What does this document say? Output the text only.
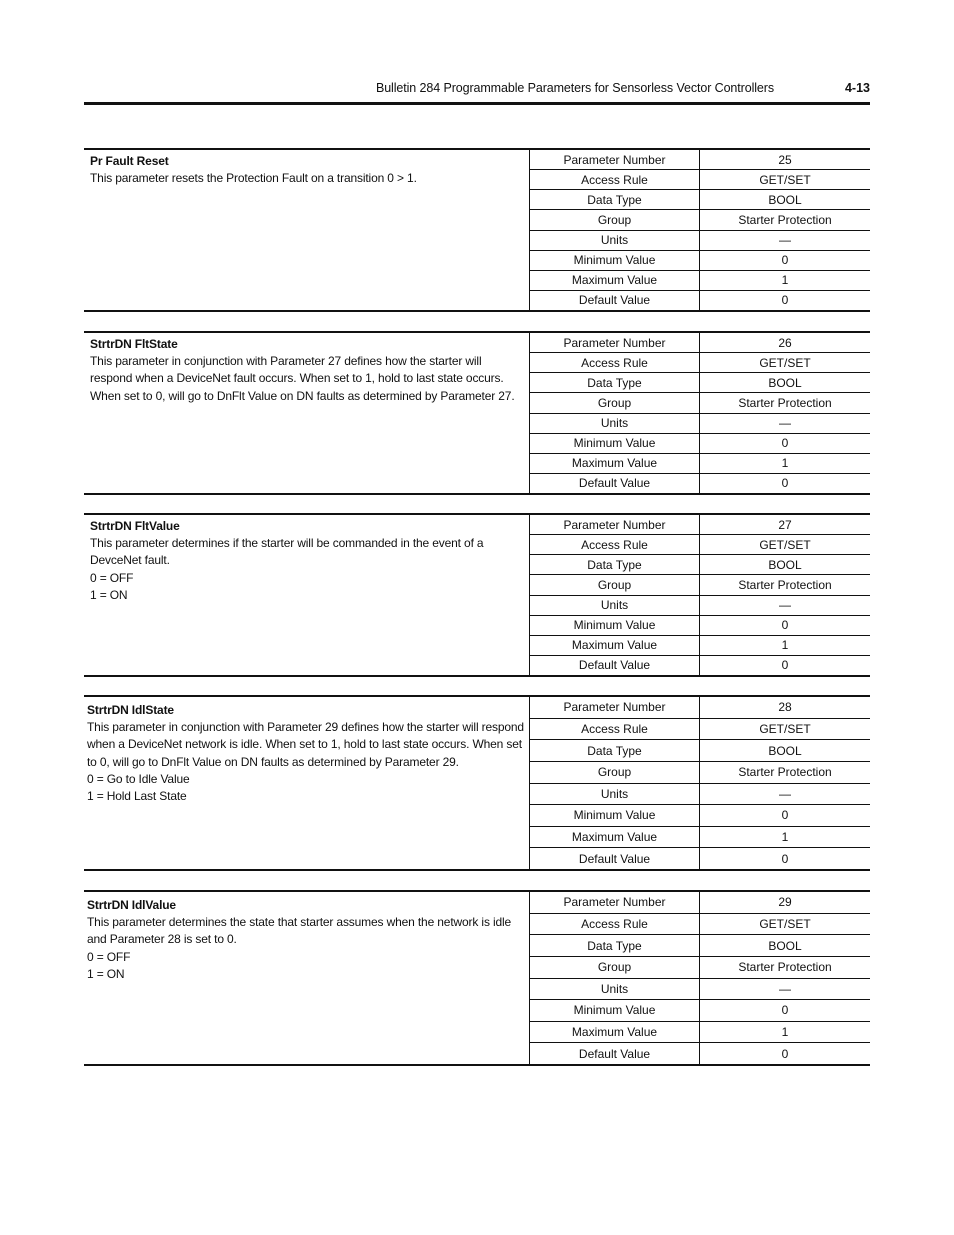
Bulletin 284 Programmable Parameters for Sensorless Vector Controllers	4-13
Pr Fault Reset
This parameter resets the Protection Fault on a transition 0 > 1.
Parameter Number	25
Access Rule	GET/SET
Data Type	BOOL
Group	Starter Protection
Units	—
Minimum Value	0
Maximum Value	1
Default Value	0
StrtrDN FltState
This parameter in conjunction with Parameter 27 defines how the starter will
respond when a DeviceNet fault occurs. When set to 1, hold to last state occurs.
When set to 0, will go to DnFlt Value on DN faults as determined by Parameter 27.
Parameter Number	26
Access Rule	GET/SET
Data Type	BOOL
Group	Starter Protection
Units	—
Minimum Value	0
Maximum Value	1
Default Value	0
StrtrDN FltValue
This parameter determines if the starter will be commanded in the event of a
DevceNet fault.
0 = OFF
1 = ON
Parameter Number	27
Access Rule	GET/SET
Data Type	BOOL
Group	Starter Protection
Units	—
Minimum Value	0
Maximum Value	1
Default Value	0
StrtrDN IdlState
This parameter in conjunction with Parameter 29 defines how the starter will respond
when a DeviceNet network is idle. When set to 1, hold to last state occurs. When set
to 0, will go to DnFlt Value on DN faults as determined by Parameter 29.
0 = Go to Idle Value
1 = Hold Last State
Parameter Number	28
Access Rule	GET/SET
Data Type	BOOL
Group	Starter Protection
Units	—
Minimum Value	0
Maximum Value	1
Default Value	0
StrtrDN IdlValue
This parameter determines the state that starter assumes when the network is idle
and Parameter 28 is set to 0.
0 = OFF
1 = ON
Parameter Number	29
Access Rule	GET/SET
Data Type	BOOL
Group	Starter Protection
Units	—
Minimum Value	0
Maximum Value	1
Default Value	0
